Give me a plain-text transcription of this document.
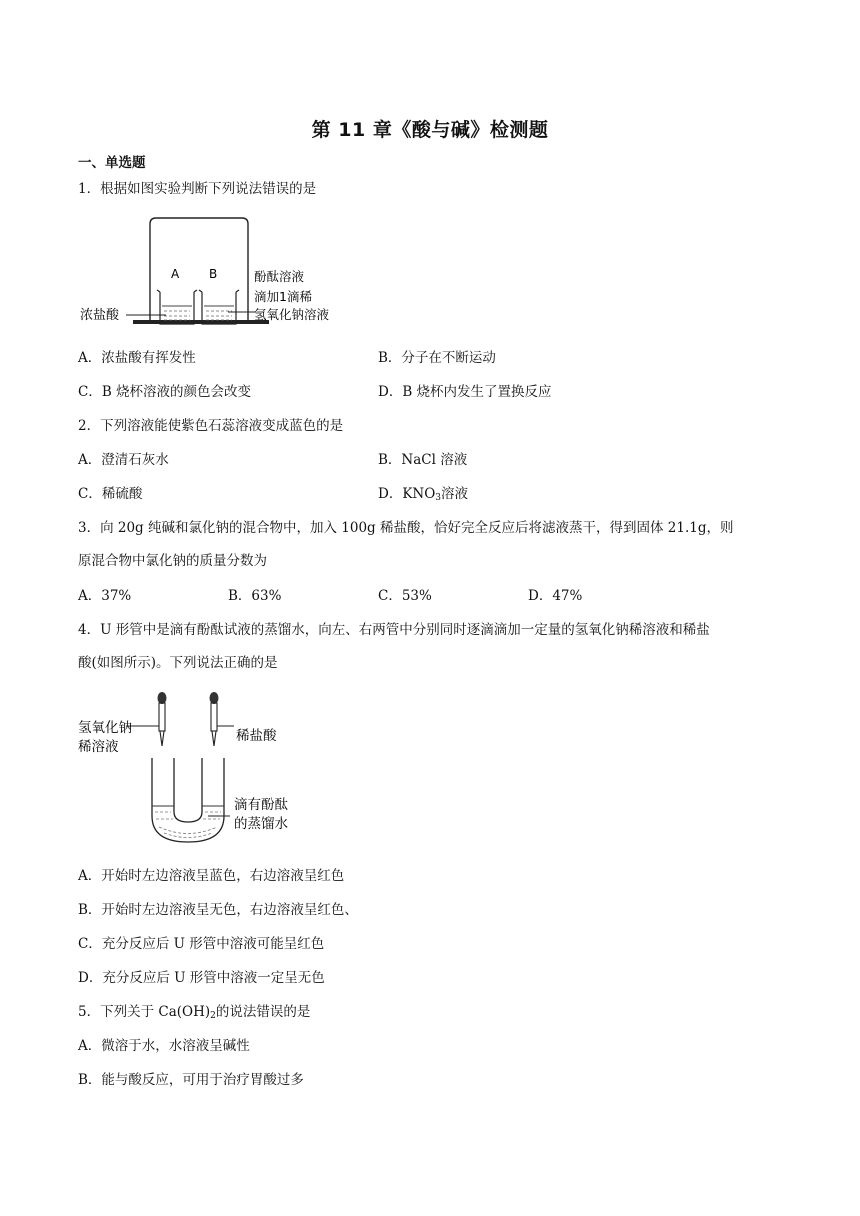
第 11 章《酸与碱》检测题
一、单选题
1．根据如图实验判断下列说法错误的是
A B	酚酞溶液
滴加1滴稀
氢氧化钠溶液
浓盐酸
A．浓盐酸有挥发性	B．分子在不断运动
C．B 烧杯溶液的颜色会改变	D．B 烧杯内发生了置换反应
2．下列溶液能使紫色石蕊溶液变成蓝色的是
A．澄清石灰水	B．NaCl 溶液
C．稀硫酸	D．$KNO_3$溶液
3．向 20g 纯碱和氯化钠的混合物中，加入 100g 稀盐酸，恰好完全反应后将滤液蒸干，得到固体 21.1g，则
原混合物中氯化钠的质量分数为
A．37%	B．63%	C．53%	D．47%
4．U 形管中是滴有酚酞试液的蒸馏水，向左、右两管中分别同时逐滴滴加一定量的氢氧化钠稀溶液和稀盐
酸(如图所示)。下列说法正确的是
氢氧化钠
稀溶液
稀盐酸
滴有酚酞
的蒸馏水
A．开始时左边溶液呈蓝色，右边溶液呈红色
B．开始时左边溶液呈无色，右边溶液呈红色、
C．充分反应后 U 形管中溶液可能呈红色
D．充分反应后 U 形管中溶液一定呈无色
5．下列关于 $Ca(OH)_2$的说法错误的是
A．微溶于水，水溶液呈碱性
B．能与酸反应，可用于治疗胃酸过多
